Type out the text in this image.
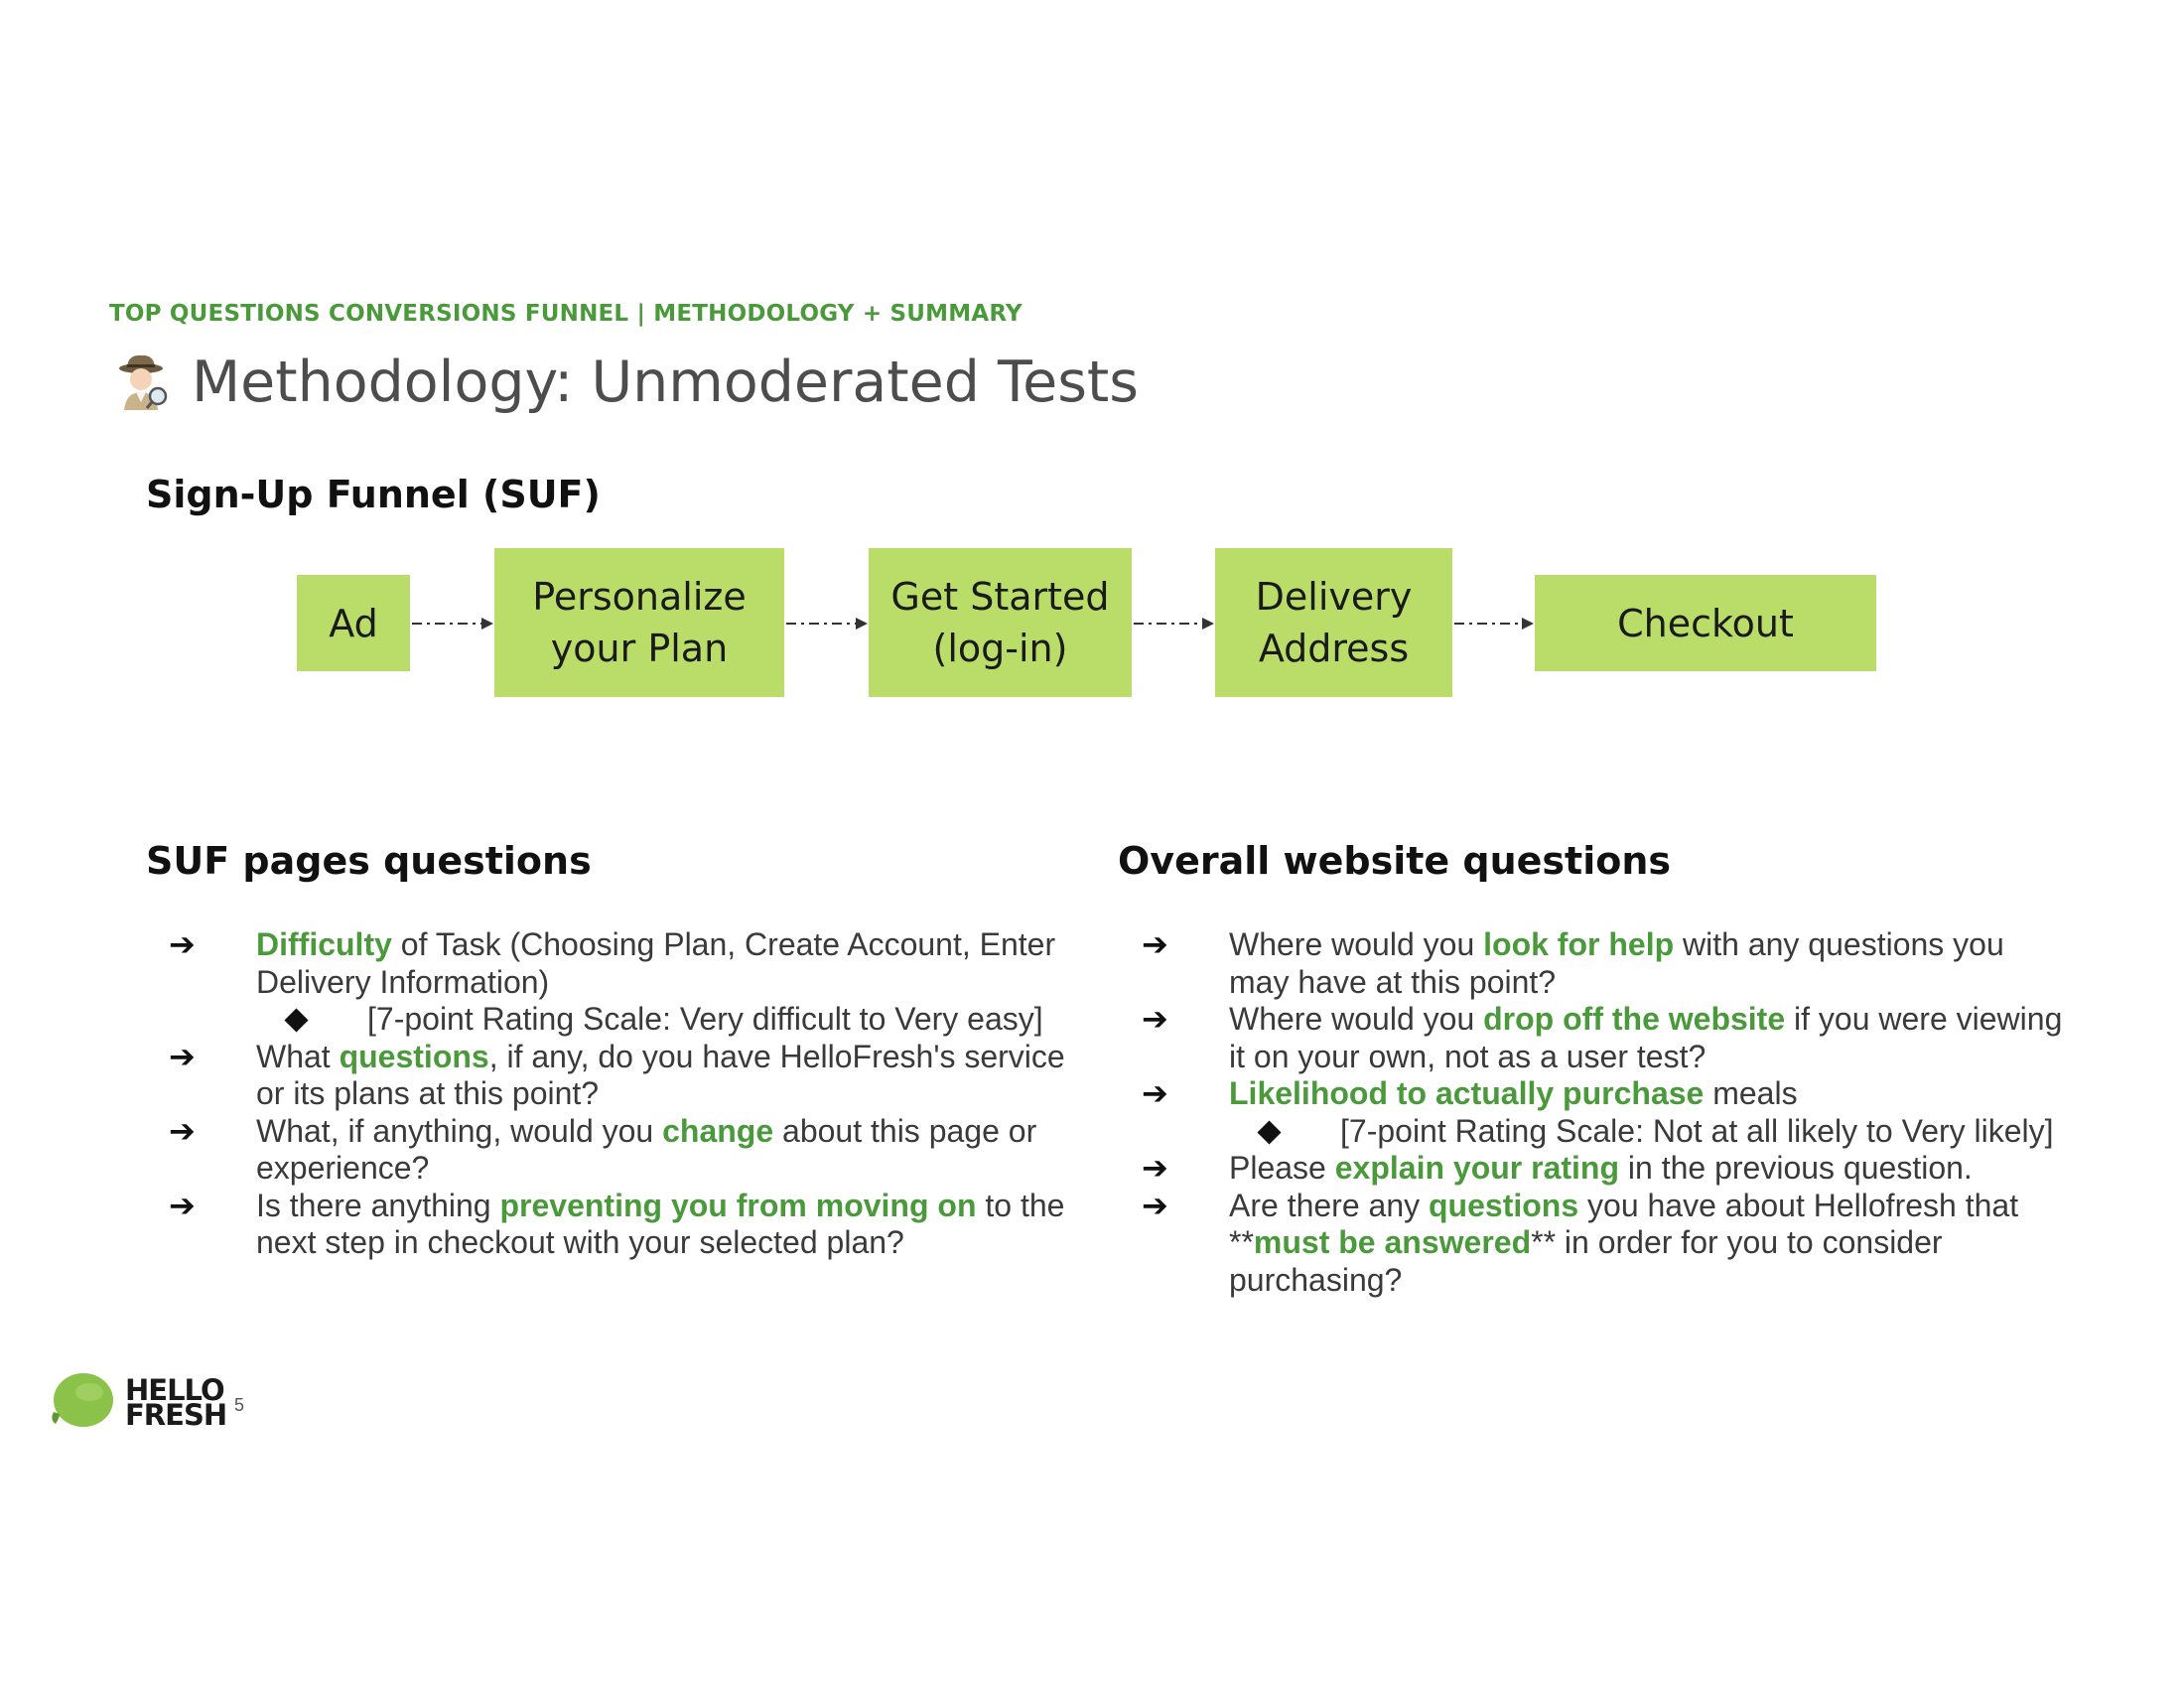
TOP QUESTIONS CONVERSIONS FUNNEL | METHODOLOGY + SUMMARY
Methodology: Unmoderated Tests
Sign-Up Funnel (SUF)
Ad
Personalize
your Plan
Get Started
(log-in)
Delivery
Address
Checkout
SUF pages questions	Overall website questions
➔ Difficulty of Task (Choosing Plan, Create Account, Enter Delivery Information)
[7-point Rating Scale: Very difficult to Very easy]
➔ What questions, if any, do you have HelloFresh's service or its plans at this point?
➔ What, if anything, would you change about this page or experience?
➔ Is there anything preventing you from moving on to the next step in checkout with your selected plan?
➔ Where would you look for help with any questions you may have at this point?
➔ Where would you drop off the website if you were viewing it on your own, not as a user test?
➔ Likelihood to actually purchase meals
[7-point Rating Scale: Not at all likely to Very likely]
➔ Please explain your rating in the previous question.
➔ Are there any questions you have about Hellofresh that **must be answered** in order for you to consider purchasing?
HELLO
FRESH 5
